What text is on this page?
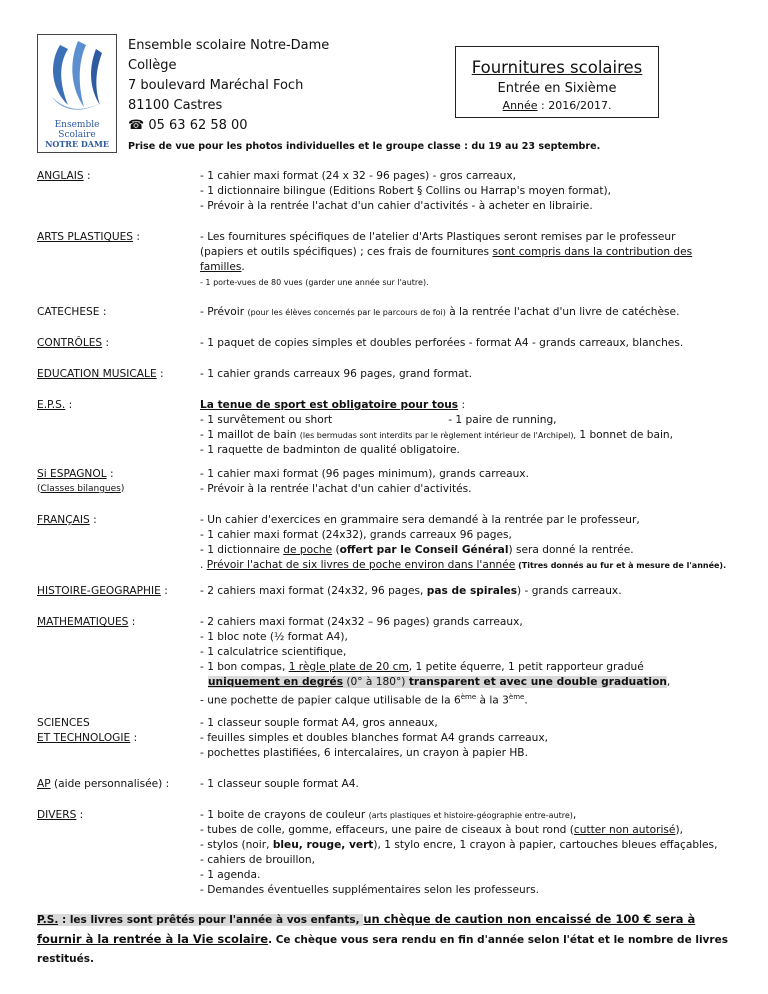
Ensemble
Scolaire
NOTRE DAME
Ensemble scolaire Notre-Dame
Collège
7 boulevard Maréchal Foch
81100 Castres
☎ 05 63 62 58 00
Fournitures scolaires
Entrée en Sixième
Année : 2016/2017.
Prise de vue pour les photos individuelles et le groupe classe : du 19 au 23 septembre.
ANGLAIS :	- 1 cahier maxi format (24 x 32 - 96 pages) - gros carreaux,
- 1 dictionnaire bilingue (Editions Robert § Collins ou Harrap's moyen format),
- Prévoir à la rentrée l'achat d'un cahier d'activités - à acheter en librairie.
ARTS PLASTIQUES :	- Les fournitures spécifiques de l'atelier d'Arts Plastiques seront remises par le professeur
(papiers et outils spécifiques) ; ces frais de fournitures sont compris dans la contribution des
familles.
- 1 porte-vues de 80 vues (garder une année sur l'autre).
CATECHESE :	- Prévoir (pour les élèves concernés par le parcours de foi) à la rentrée l'achat d'un livre de catéchèse.
CONTRÔLES :	- 1 paquet de copies simples et doubles perforées - format A4 - grands carreaux, blanches.
EDUCATION MUSICALE :	- 1 cahier grands carreaux 96 pages, grand format.
E.P.S. :	La tenue de sport est obligatoire pour tous :
- 1 survêtement ou short	- 1 paire de running,
- 1 maillot de bain (les bermudas sont interdits par le règlement intérieur de l'Archipel), 1 bonnet de bain,
- 1 raquette de badminton de qualité obligatoire.
Si ESPAGNOL :
(Classes bilangues)
- 1 cahier maxi format (96 pages minimum), grands carreaux.
- Prévoir à la rentrée l'achat d'un cahier d'activités.
FRANÇAIS :	- Un cahier d'exercices en grammaire sera demandé à la rentrée par le professeur,
- 1 cahier maxi format (24x32), grands carreaux 96 pages,
- 1 dictionnaire de poche (offert par le Conseil Général) sera donné la rentrée.
. Prévoir l'achat de six livres de poche environ dans l'année (Titres donnés au fur et à mesure de l'année).
HISTOIRE-GEOGRAPHIE :	- 2 cahiers maxi format (24x32, 96 pages, pas de spirales) - grands carreaux.
MATHEMATIQUES :	- 2 cahiers maxi format (24x32 – 96 pages) grands carreaux,
- 1 bloc note (½ format A4),
- 1 calculatrice scientifique,
- 1 bon compas, 1 règle plate de 20 cm, 1 petite équerre, 1 petit rapporteur gradué
uniquement en degrés (0° à 180°) transparent et avec une double graduation,
- une pochette de papier calque utilisable de la 6ème à la 3ème.
SCIENCES
ET TECHNOLOGIE :
- 1 classeur souple format A4, gros anneaux,
- feuilles simples et doubles blanches format A4 grands carreaux,
- pochettes plastifiées, 6 intercalaires, un crayon à papier HB.
AP (aide personnalisée) :	- 1 classeur souple format A4.
DIVERS :	- 1 boite de crayons de couleur (arts plastiques et histoire-géographie entre-autre),
- tubes de colle, gomme, effaceurs, une paire de ciseaux à bout rond (cutter non autorisé),
- stylos (noir, bleu, rouge, vert), 1 stylo encre, 1 crayon à papier, cartouches bleues effaçables,
- cahiers de brouillon,
- 1 agenda.
- Demandes éventuelles supplémentaires selon les professeurs.
P.S. : les livres sont prêtés pour l'année à vos enfants, un chèque de caution non encaissé de 100 € sera à fournir à la rentrée à la Vie scolaire. Ce chèque vous sera rendu en fin d'année selon l'état et le nombre de livres restitués.
